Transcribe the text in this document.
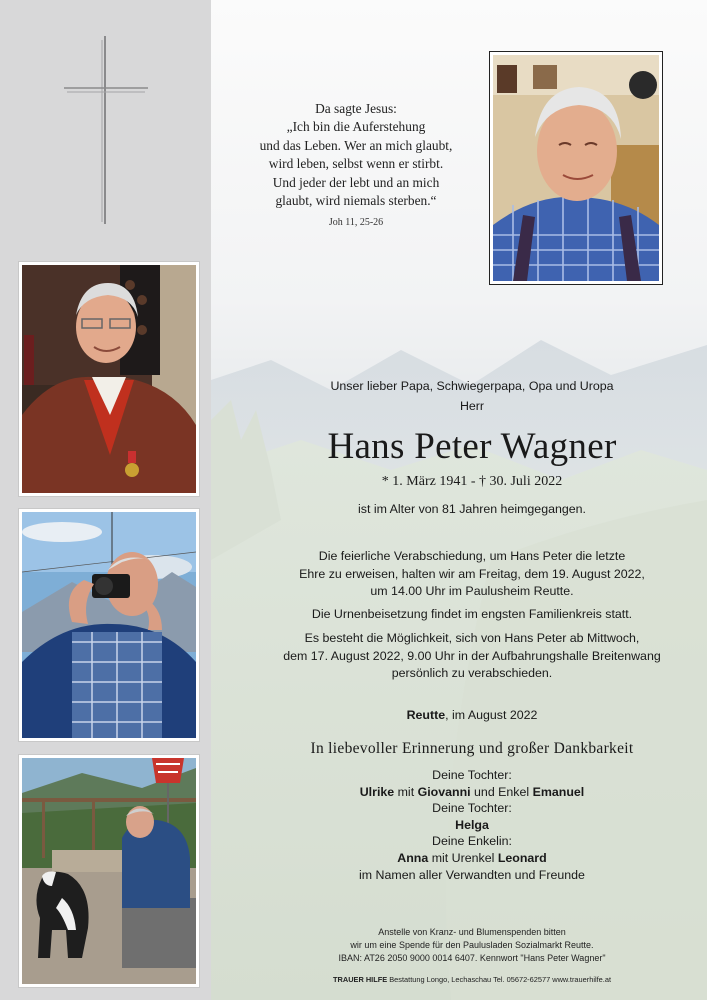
Da sagte Jesus:
„Ich bin die Auferstehung
und das Leben. Wer an mich glaubt,
wird leben, selbst wenn er stirbt.
Und jeder der lebt und an mich
glaubt, wird niemals sterben.“
Joh 11, 25-26
Unser lieber Papa, Schwiegerpapa, Opa und Uropa
Herr
Hans Peter Wagner
* 1. März 1941 - † 30. Juli 2022
ist im Alter von 81 Jahren heimgegangen.
Die feierliche Verabschiedung, um Hans Peter die letzte
Ehre zu erweisen, halten wir am Freitag, dem 19. August 2022,
um 14.00 Uhr im Paulusheim Reutte.
Die Urnenbeisetzung findet im engsten Familienkreis statt.
Es besteht die Möglichkeit, sich von Hans Peter ab Mittwoch,
dem 17. August 2022, 9.00 Uhr in der Aufbahrungshalle Breitenwang
persönlich zu verabschieden.
Reutte, im August 2022
In liebevoller Erinnerung und großer Dankbarkeit
Deine Tochter:
Ulrike mit Giovanni und Enkel Emanuel
Deine Tochter:
Helga
Deine Enkelin:
Anna mit Urenkel Leonard
im Namen aller Verwandten und Freunde
Anstelle von Kranz- und Blumenspenden bitten
wir um eine Spende für den Paulusladen Sozialmarkt Reutte.
IBAN: AT26 2050 9000 0014 6407. Kennwort "Hans Peter Wagner"
TRAUER HILFE Bestattung Longo, Lechaschau Tel. 05672-62577 www.trauerhilfe.at
